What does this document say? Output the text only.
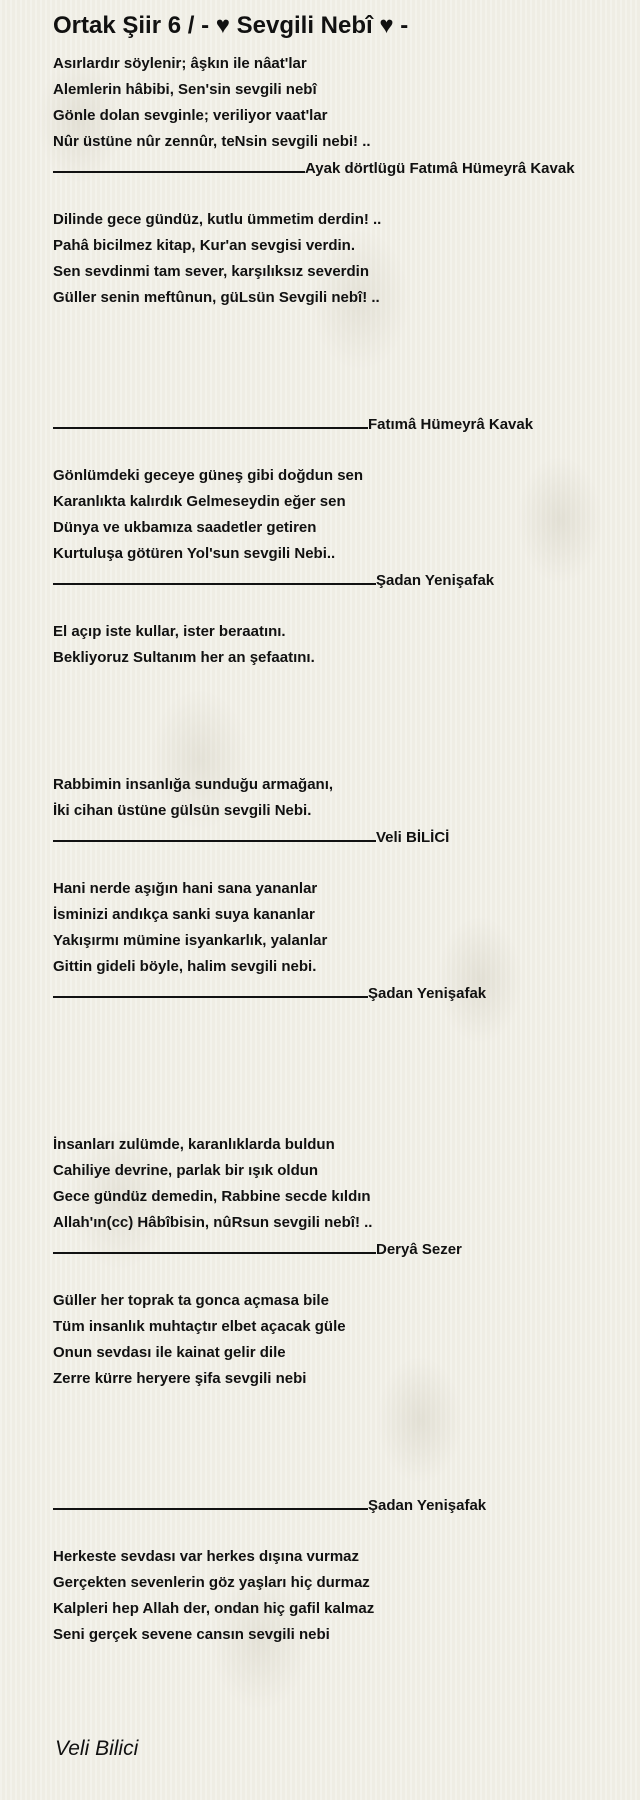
Ortak Şiir 6 / - ♥ Sevgili Nebî ♥ -
Asırlardır söylenir; âşkın ile nâat'lar
Alemlerin hâbibi, Sen'sin sevgili nebî
Gönle dolan sevginle; veriliyor vaat'lar
Nûr üstüne nûr zennûr, teNsin sevgili nebi! ..
Ayak dörtlügü Fatımâ Hümeyrâ Kavak
Dilinde gece gündüz, kutlu ümmetim derdin! ..
Pahâ bicilmez kitap, Kur'an sevgisi verdin.
Sen sevdinmi tam sever, karşılıksız severdin
Güller senin meftûnun, güLsün Sevgili nebî! ..
Fatımâ Hümeyrâ Kavak
Gönlümdeki geceye güneş gibi doğdun sen
Karanlıkta kalırdık Gelmeseydin eğer sen
Dünya ve ukbamıza saadetler getiren
Kurtuluşa götüren Yol'sun sevgili Nebi..
Şadan Yenişafak
El açıp iste kullar, ister beraatını.
Bekliyoruz Sultanım her an şefaatını.
Rabbimin insanlığa sunduğu armağanı,
İki cihan üstüne gülsün sevgili Nebi.
Veli BİLİCİ
Hani nerde aşığın hani sana yananlar
İsminizi andıkça sanki suya kananlar
Yakışırmı mümine isyankarlık, yalanlar
Gittin gideli böyle, halim sevgili nebi.
Şadan Yenişafak
İnsanları zulümde, karanlıklarda buldun
Cahiliye devrine, parlak bir ışık oldun
Gece gündüz demedin, Rabbine secde kıldın
Allah'ın(cc) Hâbîbisin, nûRsun sevgili nebî! ..
Deryâ Sezer
Güller her toprak ta gonca açmasa bile
Tüm insanlık muhtaçtır elbet açacak güle
Onun sevdası ile kainat gelir dile
Zerre kürre heryere şifa sevgili nebi
Şadan Yenişafak
Herkeste sevdası var herkes dışına vurmaz
Gerçekten sevenlerin göz yaşları hiç durmaz
Kalpleri hep Allah der, ondan hiç gafil kalmaz
Seni gerçek sevene cansın sevgili nebi
Veli Bilici
